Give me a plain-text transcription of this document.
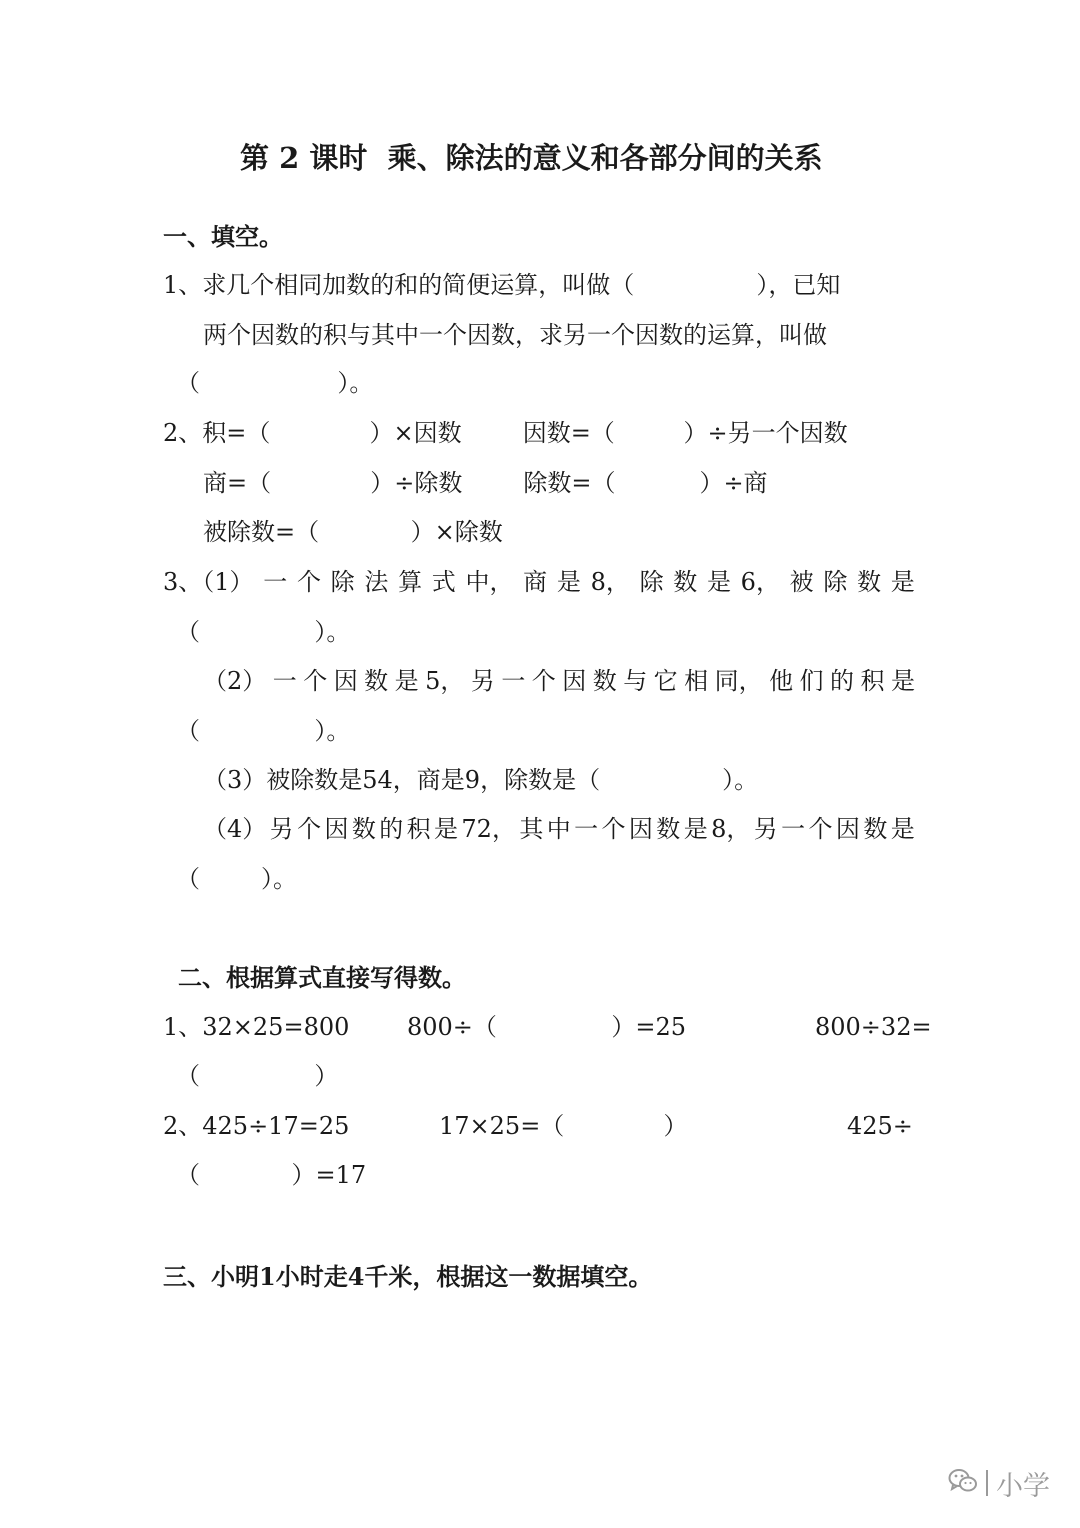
第 2 课时  乘、除法的意义和各部分间的关系
一、填空。
1、求几个相同加数的和的简便运算，叫做（                ），已知
两个因数的积与其中一个因数，求另一个因数的运算，叫做
（                  ）。
2、积=（             ）×因数        因数=（         ）÷另一个因数
商=（             ）÷除数        除数=（           ）÷商
被除数=（            ）×除数
3、（1） 一 个 除 法 算 式 中， 商 是 8， 除 数 是 6， 被 除 数 是
（               ）。
（2） 一 个 因 数 是 5， 另 一 个 因 数 与 它 相 同， 他 们 的 积 是
（               ）。
（3）被除数是54，商是9，除数是（                ）。
（4） 另 个 因 数 的 积 是 72， 其 中 一 个 因 数 是 8， 另 一 个 因 数 是
（        ）。
二、根据算式直接写得数。
1、32×25=800 800÷（               ）=25	800÷32=
（               ）
2、425÷17=25	17×25=（             ）	425÷
（            ）=17
三、小明1小时走4千米，根据这一数据填空。
小学
